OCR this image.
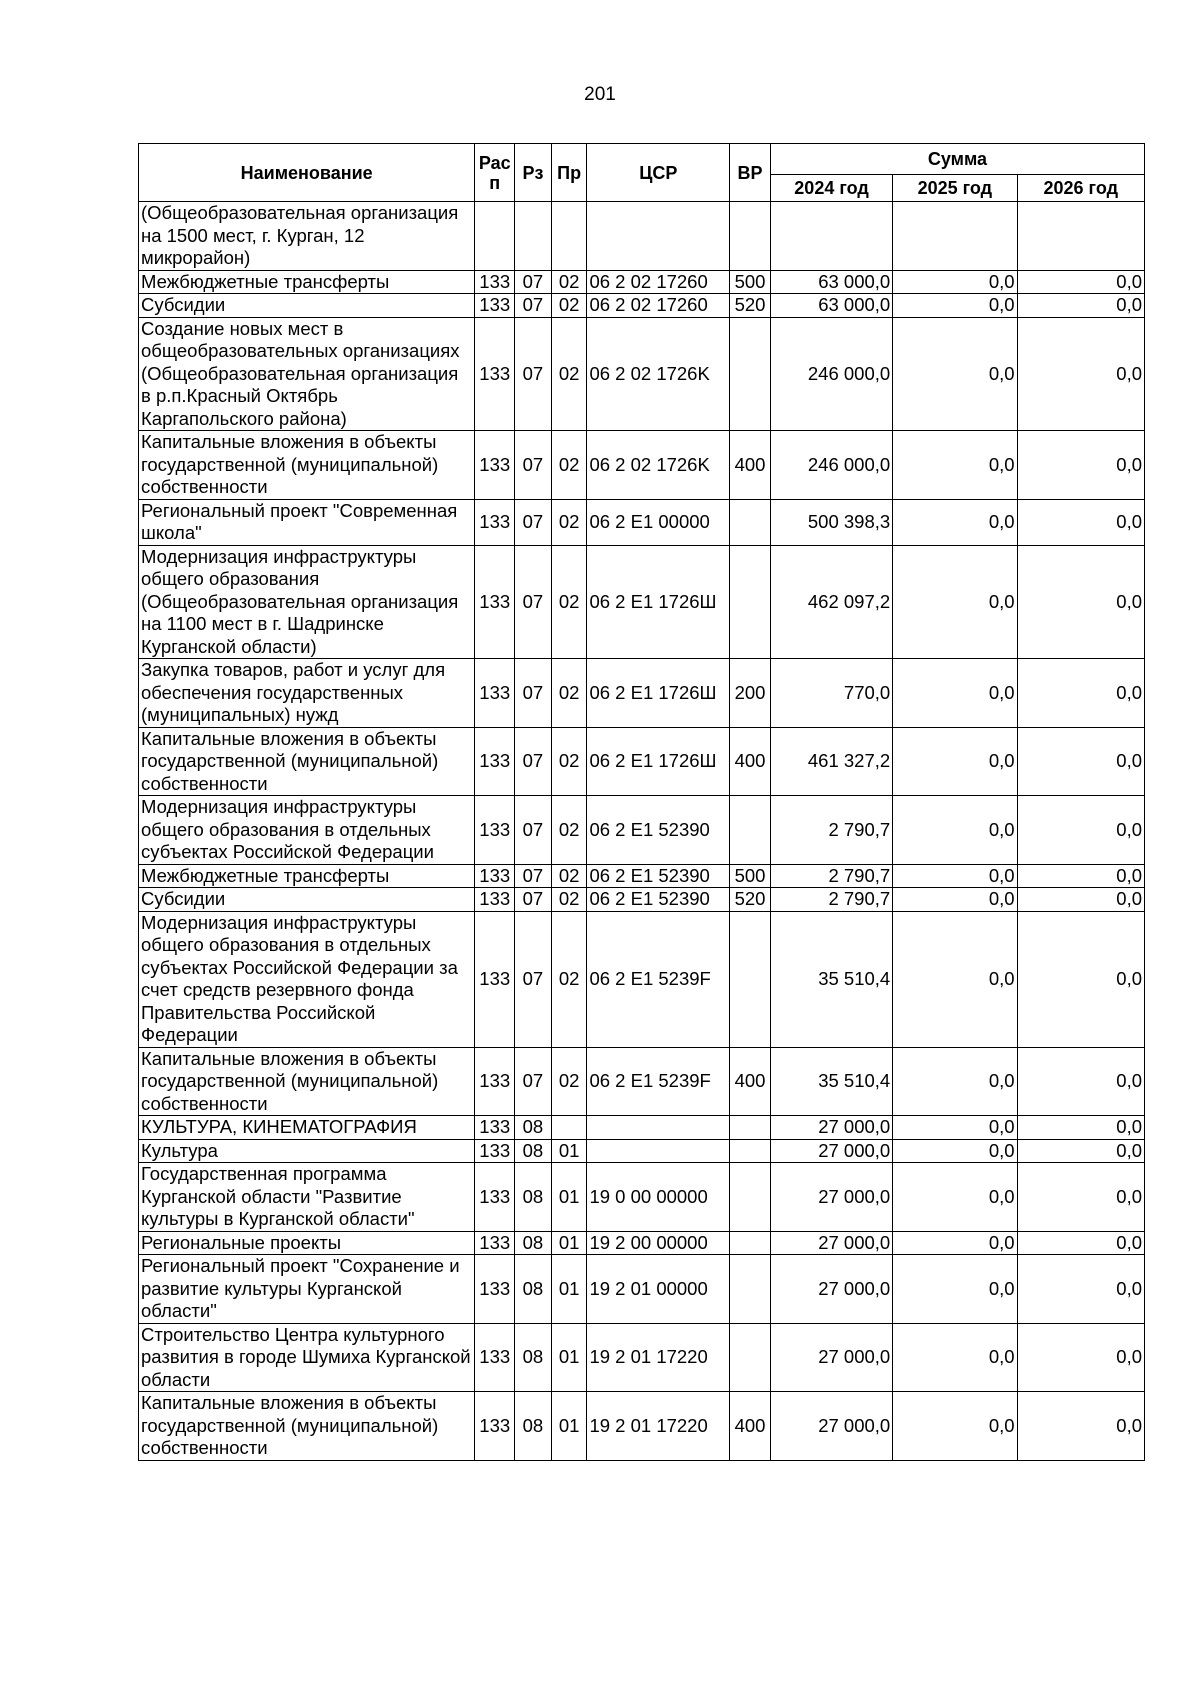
201
Наименование	Рас п	Рз	Пр	ЦСР	ВР	Сумма		
						2024 год	2025 год	2026 год
(Общеобразовательная организация на 1500 мест, г. Курган, 12 микрорайон)								
Межбюджетные трансферты	133	07	02	06 2 02 17260	500	63 000,0	0,0	0,0
Субсидии	133	07	02	06 2 02 17260	520	63 000,0	0,0	0,0
Создание новых мест в общеобразовательных организациях (Общеобразовательная организация в р.п.Красный Октябрь Каргапольского района)	133	07	02	06 2 02 1726K		246 000,0	0,0	0,0
Капитальные вложения в объекты государственной (муниципальной) собственности	133	07	02	06 2 02 1726K	400	246 000,0	0,0	0,0
Региональный проект "Современная школа"	133	07	02	06 2 E1 00000		500 398,3	0,0	0,0
Модернизация инфраструктуры общего образования (Общеобразовательная организация на 1100 мест в г. Шадринске Курганской области)	133	07	02	06 2 E1 1726Ш		462 097,2	0,0	0,0
Закупка товаров, работ и услуг для обеспечения государственных (муниципальных) нужд	133	07	02	06 2 E1 1726Ш	200	770,0	0,0	0,0
Капитальные вложения в объекты государственной (муниципальной) собственности	133	07	02	06 2 E1 1726Ш	400	461 327,2	0,0	0,0
Модернизация инфраструктуры общего образования в отдельных субъектах Российской Федерации	133	07	02	06 2 E1 52390		2 790,7	0,0	0,0
Межбюджетные трансферты	133	07	02	06 2 E1 52390	500	2 790,7	0,0	0,0
Субсидии	133	07	02	06 2 E1 52390	520	2 790,7	0,0	0,0
Модернизация инфраструктуры общего образования в отдельных субъектах Российской Федерации за счет средств резервного фонда Правительства Российской Федерации	133	07	02	06 2 E1 5239F		35 510,4	0,0	0,0
Капитальные вложения в объекты государственной (муниципальной) собственности	133	07	02	06 2 E1 5239F	400	35 510,4	0,0	0,0
КУЛЬТУРА, КИНЕМАТОГРАФИЯ	133	08				27 000,0	0,0	0,0
Культура	133	08	01			27 000,0	0,0	0,0
Государственная программа Курганской области "Развитие культуры в Курганской области"	133	08	01	19 0 00 00000		27 000,0	0,0	0,0
Региональные проекты	133	08	01	19 2 00 00000		27 000,0	0,0	0,0
Региональный проект "Сохранение и развитие культуры Курганской области"	133	08	01	19 2 01 00000		27 000,0	0,0	0,0
Строительство Центра культурного развития в городе Шумиха Курганской области	133	08	01	19 2 01 17220		27 000,0	0,0	0,0
Капитальные вложения в объекты государственной (муниципальной) собственности	133	08	01	19 2 01 17220	400	27 000,0	0,0	0,0
